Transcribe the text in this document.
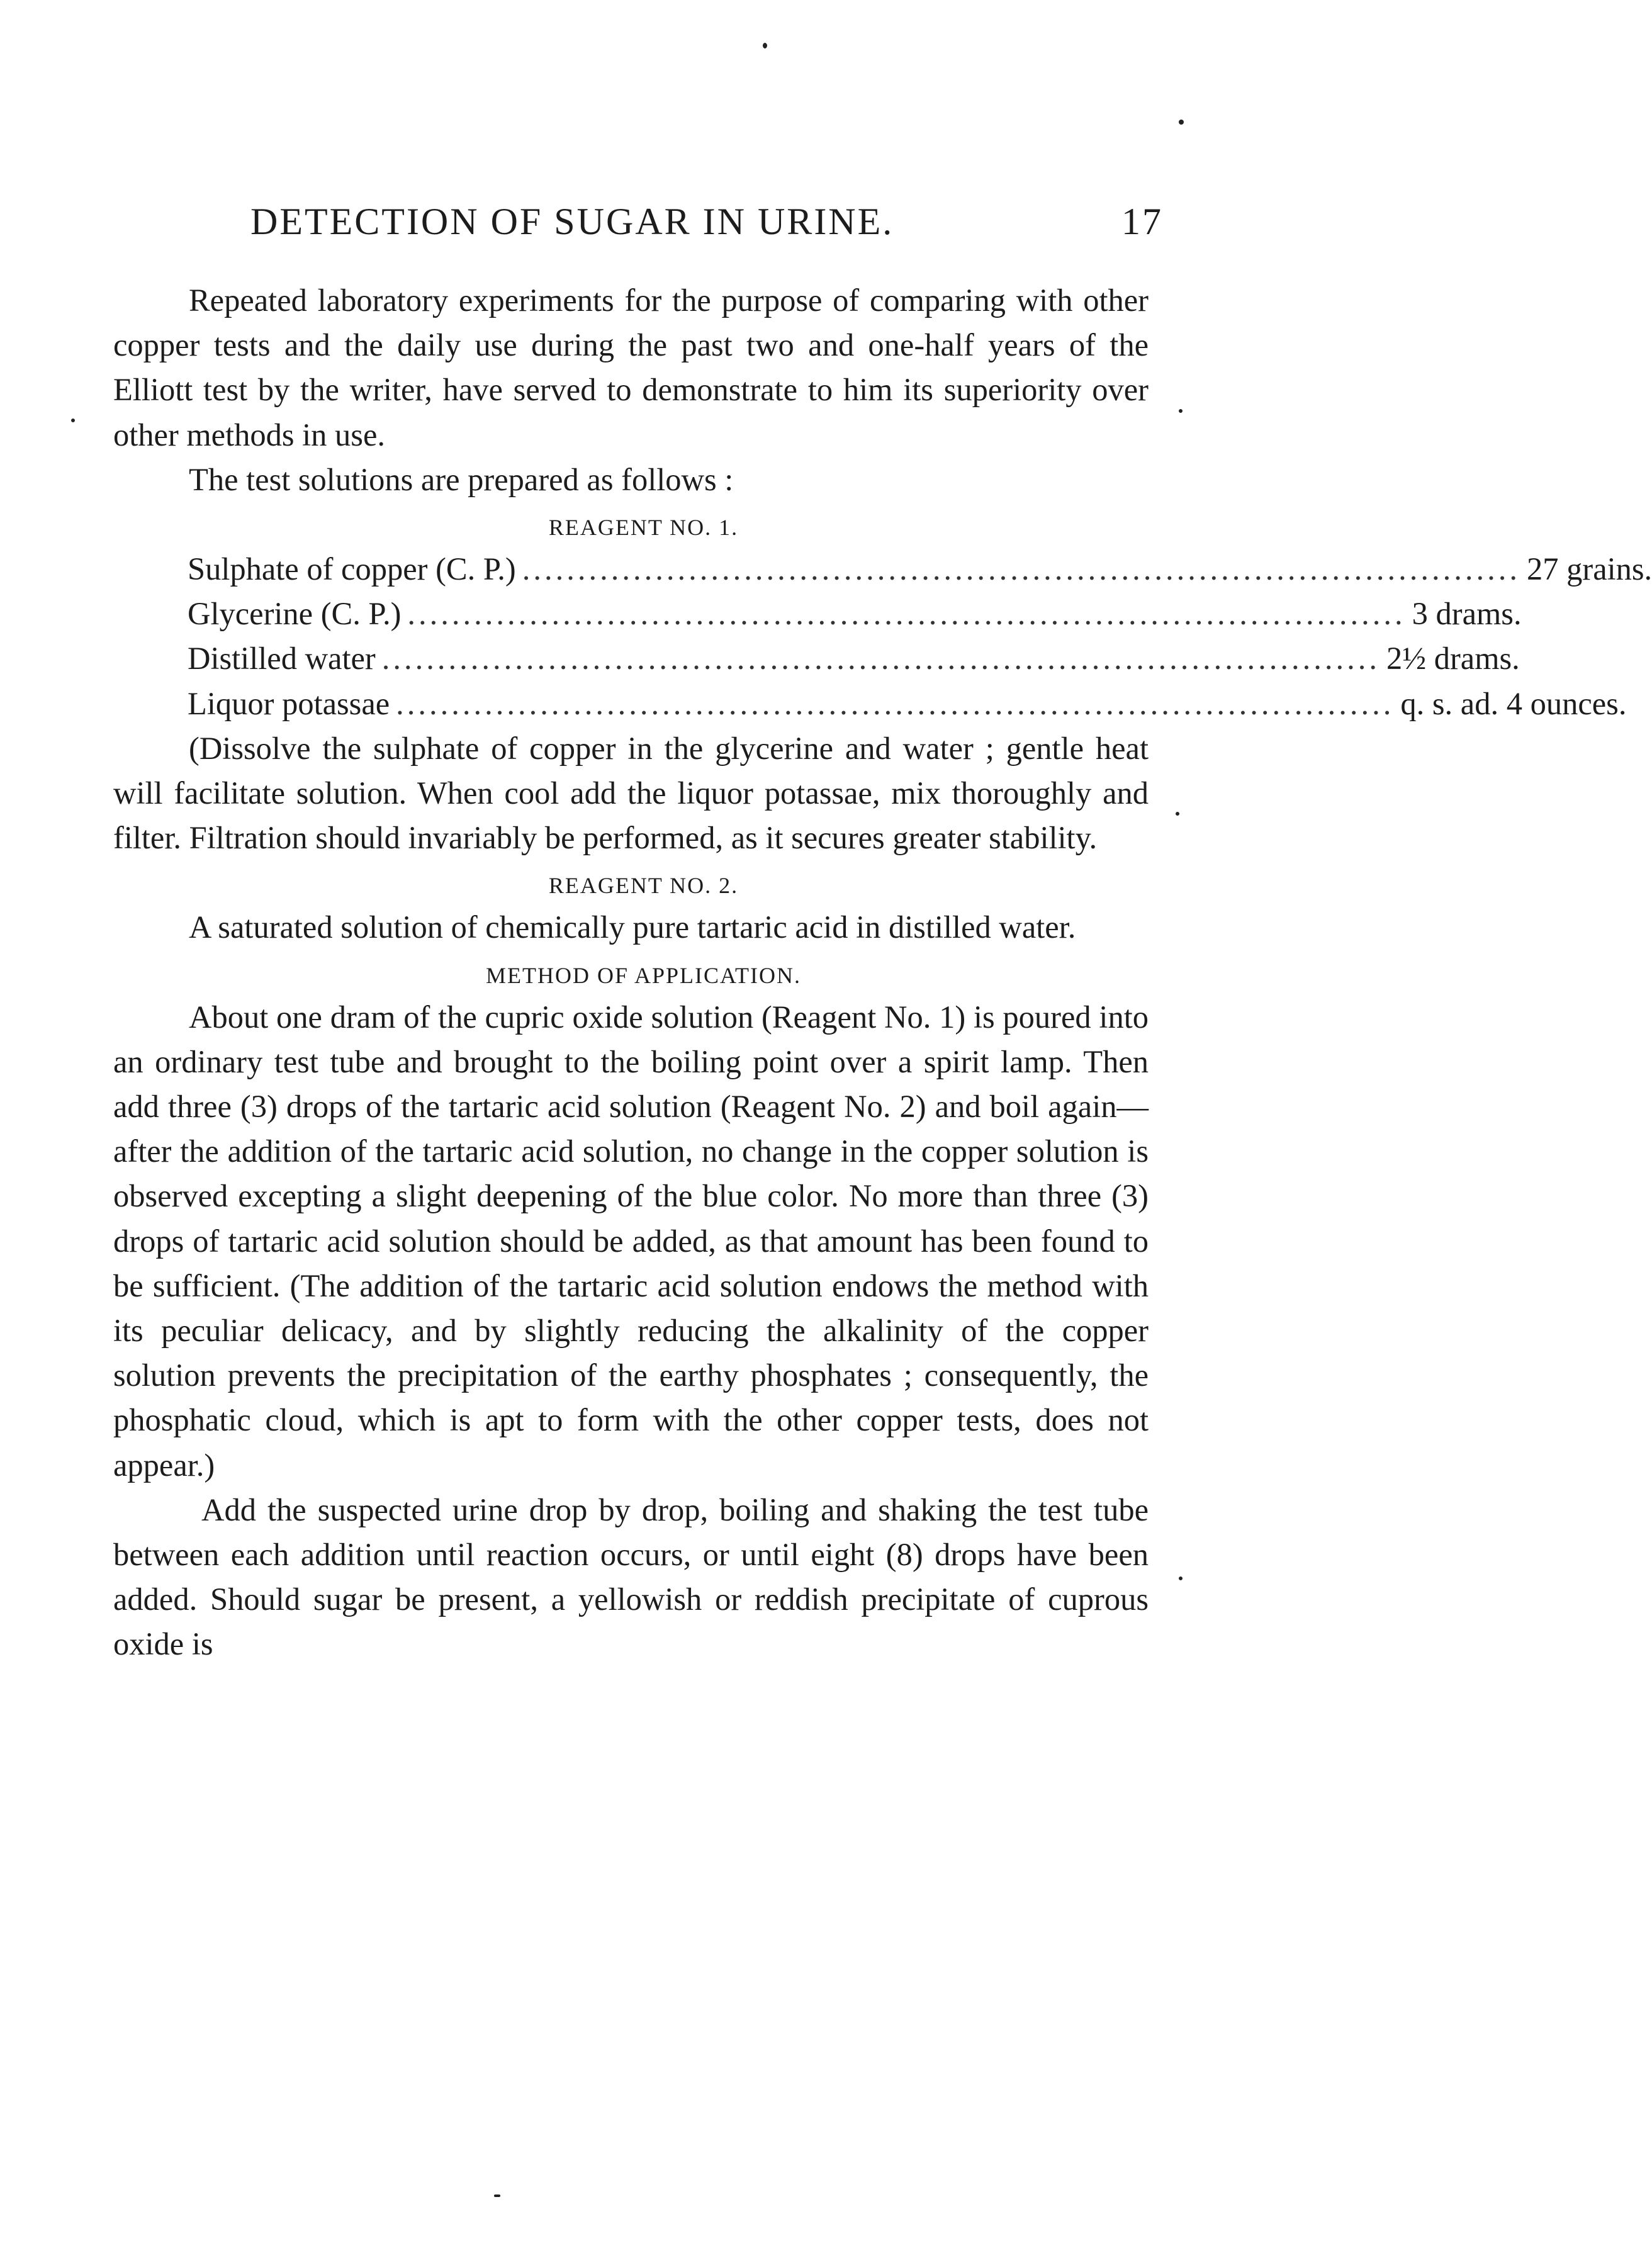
DETECTION OF SUGAR IN URINE.	17

Repeated laboratory experiments for the purpose of comparing with other copper tests and the daily use during the past two and one-half years of the Elliott test by the writer, have served to demonstrate to him its superiority over other methods in use.

The test solutions are prepared as follows :

REAGENT NO. 1.
Sulphate of copper (C. P.) .......................................................................................... 27 grains.
Glycerine (C. P.) .......................................................................................... 3 drams.
Distilled water .......................................................................................... 2½ drams.
Liquor potassae .......................................................................................... q. s. ad. 4 ounces.

(Dissolve the sulphate of copper in the glycerine and water ; gentle heat will facilitate solution. When cool add the liquor potassae, mix thoroughly and filter. Filtration should invariably be performed, as it secures greater stability.

REAGENT NO. 2.

A saturated solution of chemically pure tartaric acid in distilled water.

METHOD OF APPLICATION.

About one dram of the cupric oxide solution (Reagent No. 1) is poured into an ordinary test tube and brought to the boiling point over a spirit lamp. Then add three (3) drops of the tartaric acid solution (Reagent No. 2) and boil again—after the addition of the tartaric acid solution, no change in the copper solution is observed excepting a slight deepening of the blue color. No more than three (3) drops of tartaric acid solution should be added, as that amount has been found to be sufficient. (The addition of the tartaric acid solution endows the method with its peculiar delicacy, and by slightly reducing the alkalinity of the copper solution prevents the precipitation of the earthy phosphates ; consequently, the phosphatic cloud, which is apt to form with the other copper tests, does not appear.)

Add the suspected urine drop by drop, boiling and shaking the test tube between each addition until reaction occurs, or until eight (8) drops have been added. Should sugar be present, a yellowish or reddish precipitate of cuprous oxide is
